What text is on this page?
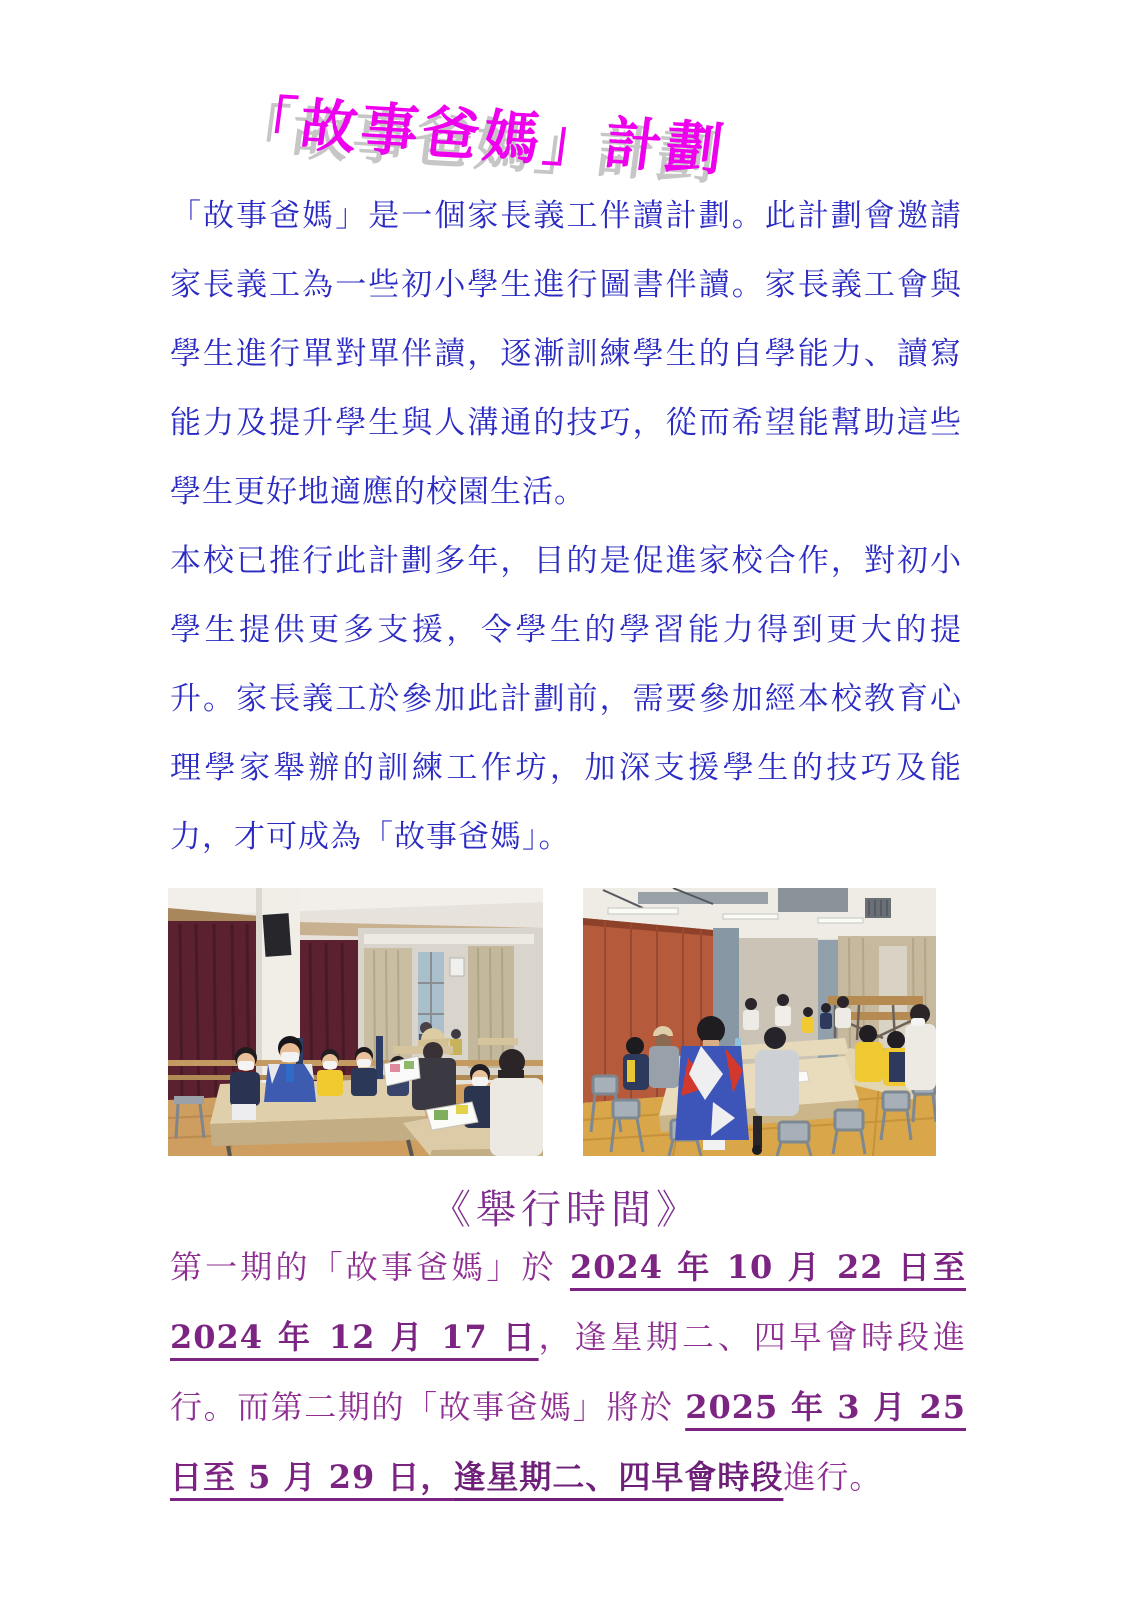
「故事爸媽」計劃

「故事爸媽」是一個家長義工伴讀計劃。此計劃會邀請家長義工為一些初小學生進行圖書伴讀。家長義工會與學生進行單對單伴讀，逐漸訓練學生的自學能力、讀寫能力及提升學生與人溝通的技巧，從而希望能幫助這些學生更好地適應的校園生活。

本校已推行此計劃多年，目的是促進家校合作，對初小學生提供更多支援，令學生的學習能力得到更大的提升。家長義工於參加此計劃前，需要參加經本校教育心理學家舉辦的訓練工作坊，加深支援學生的技巧及能力，才可成為「故事爸媽」。

《舉行時間》

第一期的「故事爸媽」於 2024 年 10 月 22 日至 2024 年 12 月 17 日，逢星期二、四早會時段進行。而第二期的「故事爸媽」將於 2025 年 3 月 25 日至 5 月 29 日，逢星期二、四早會時段進行。
